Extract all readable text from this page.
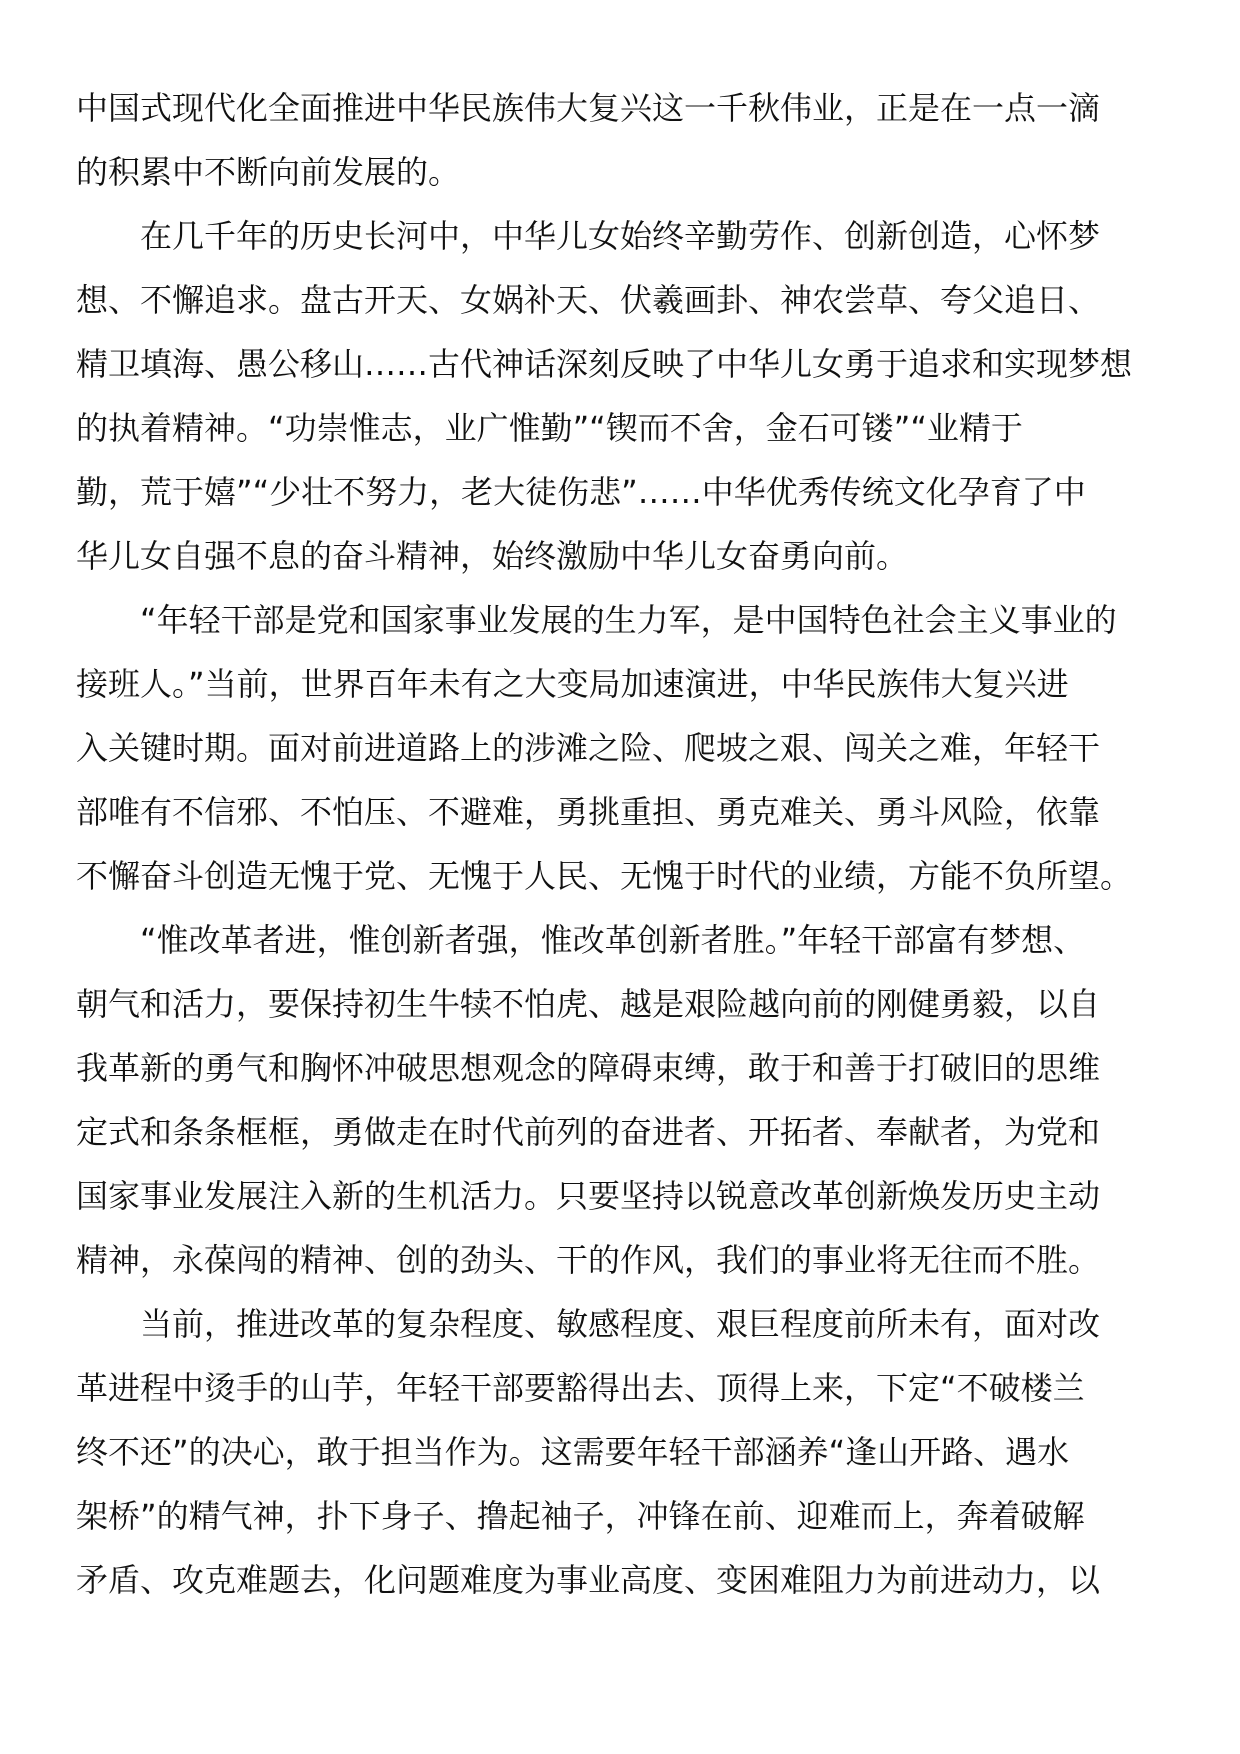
中国式现代化全面推进中华民族伟大复兴这一千秋伟业，正是在一点一滴
的积累中不断向前发展的。
在几千年的历史长河中，中华儿女始终辛勤劳作、创新创造，心怀梦
想、不懈追求。盘古开天、女娲补天、伏羲画卦、神农尝草、夸父追日、
精卫填海、愚公移山……古代神话深刻反映了中华儿女勇于追求和实现梦想
的执着精神。“功崇惟志，业广惟勤”“锲而不舍，金石可镂”“业精于
勤，荒于嬉”“少壮不努力，老大徒伤悲”……中华优秀传统文化孕育了中
华儿女自强不息的奋斗精神，始终激励中华儿女奋勇向前。
“年轻干部是党和国家事业发展的生力军，是中国特色社会主义事业的
接班人。”当前，世界百年未有之大变局加速演进，中华民族伟大复兴进
入关键时期。面对前进道路上的涉滩之险、爬坡之艰、闯关之难，年轻干
部唯有不信邪、不怕压、不避难，勇挑重担、勇克难关、勇斗风险，依靠
不懈奋斗创造无愧于党、无愧于人民、无愧于时代的业绩，方能不负所望。
“惟改革者进，惟创新者强，惟改革创新者胜。”年轻干部富有梦想、
朝气和活力，要保持初生牛犊不怕虎、越是艰险越向前的刚健勇毅，以自
我革新的勇气和胸怀冲破思想观念的障碍束缚，敢于和善于打破旧的思维
定式和条条框框，勇做走在时代前列的奋进者、开拓者、奉献者，为党和
国家事业发展注入新的生机活力。只要坚持以锐意改革创新焕发历史主动
精神，永葆闯的精神、创的劲头、干的作风，我们的事业将无往而不胜。
当前，推进改革的复杂程度、敏感程度、艰巨程度前所未有，面对改
革进程中烫手的山芋，年轻干部要豁得出去、顶得上来，下定“不破楼兰
终不还”的决心，敢于担当作为。这需要年轻干部涵养“逢山开路、遇水
架桥”的精气神，扑下身子、撸起袖子，冲锋在前、迎难而上，奔着破解
矛盾、攻克难题去，化问题难度为事业高度、变困难阻力为前进动力，以
